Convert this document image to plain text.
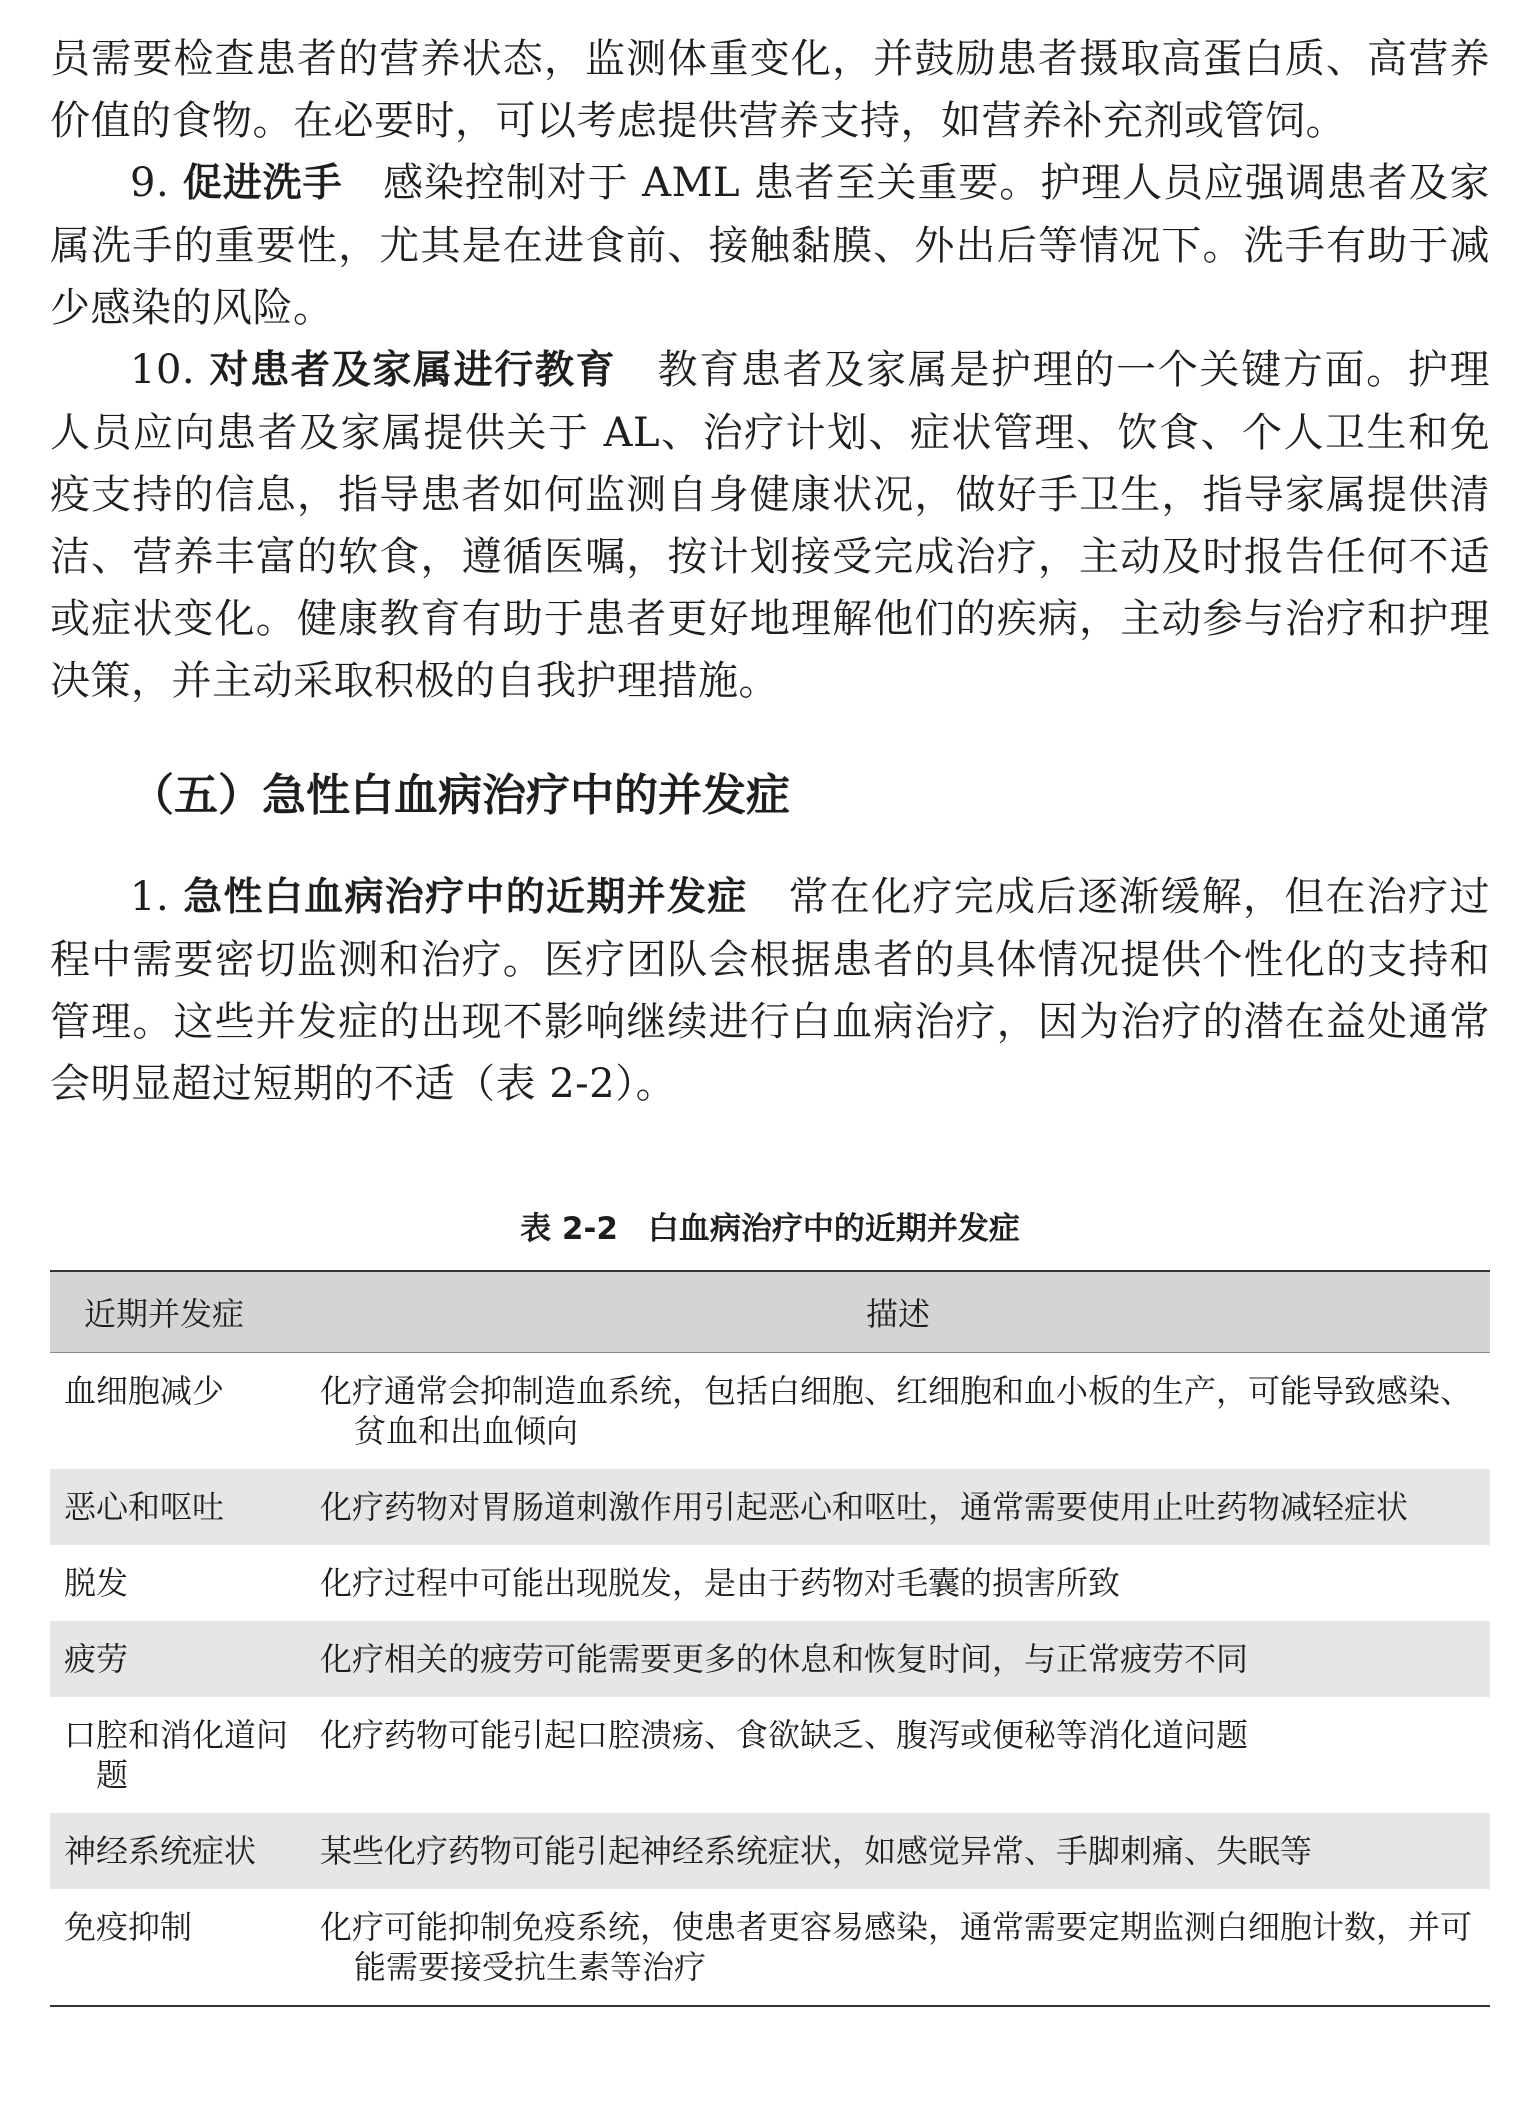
员需要检查患者的营养状态，监测体重变化，并鼓励患者摄取高蛋白质、高营养价值的食物。在必要时，可以考虑提供营养支持，如营养补充剂或管饲。

9. 促进洗手 感染控制对于 AML 患者至关重要。护理人员应强调患者及家属洗手的重要性，尤其是在进食前、接触黏膜、外出后等情况下。洗手有助于减少感染的风险。

10. 对患者及家属进行教育 教育患者及家属是护理的一个关键方面。护理人员应向患者及家属提供关于 AL、治疗计划、症状管理、饮食、个人卫生和免疫支持的信息，指导患者如何监测自身健康状况，做好手卫生，指导家属提供清洁、营养丰富的软食，遵循医嘱，按计划接受完成治疗，主动及时报告任何不适或症状变化。健康教育有助于患者更好地理解他们的疾病，主动参与治疗和护理决策，并主动采取积极的自我护理措施。

（五）急性白血病治疗中的并发症

1. 急性白血病治疗中的近期并发症 常在化疗完成后逐渐缓解，但在治疗过程中需要密切监测和治疗。医疗团队会根据患者的具体情况提供个性化的支持和管理。这些并发症的出现不影响继续进行白血病治疗，因为治疗的潜在益处通常会明显超过短期的不适（表 2-2）。

表 2-2 白血病治疗中的近期并发症
近期并发症	描述

血细胞减少	化疗通常会抑制造血系统，包括白细胞、红细胞和血小板的生产，可能导致感染、贫血和出血倾向

恶心和呕吐	化疗药物对胃肠道刺激作用引起恶心和呕吐，通常需要使用止吐药物减轻症状

脱发	化疗过程中可能出现脱发，是由于药物对毛囊的损害所致

疲劳	化疗相关的疲劳可能需要更多的休息和恢复时间，与正常疲劳不同

口腔和消化道问题	化疗药物可能引起口腔溃疡、食欲缺乏、腹泻或便秘等消化道问题

神经系统症状	某些化疗药物可能引起神经系统症状，如感觉异常、手脚刺痛、失眠等

免疫抑制	化疗可能抑制免疫系统，使患者更容易感染，通常需要定期监测白细胞计数，并可能需要接受抗生素等治疗
